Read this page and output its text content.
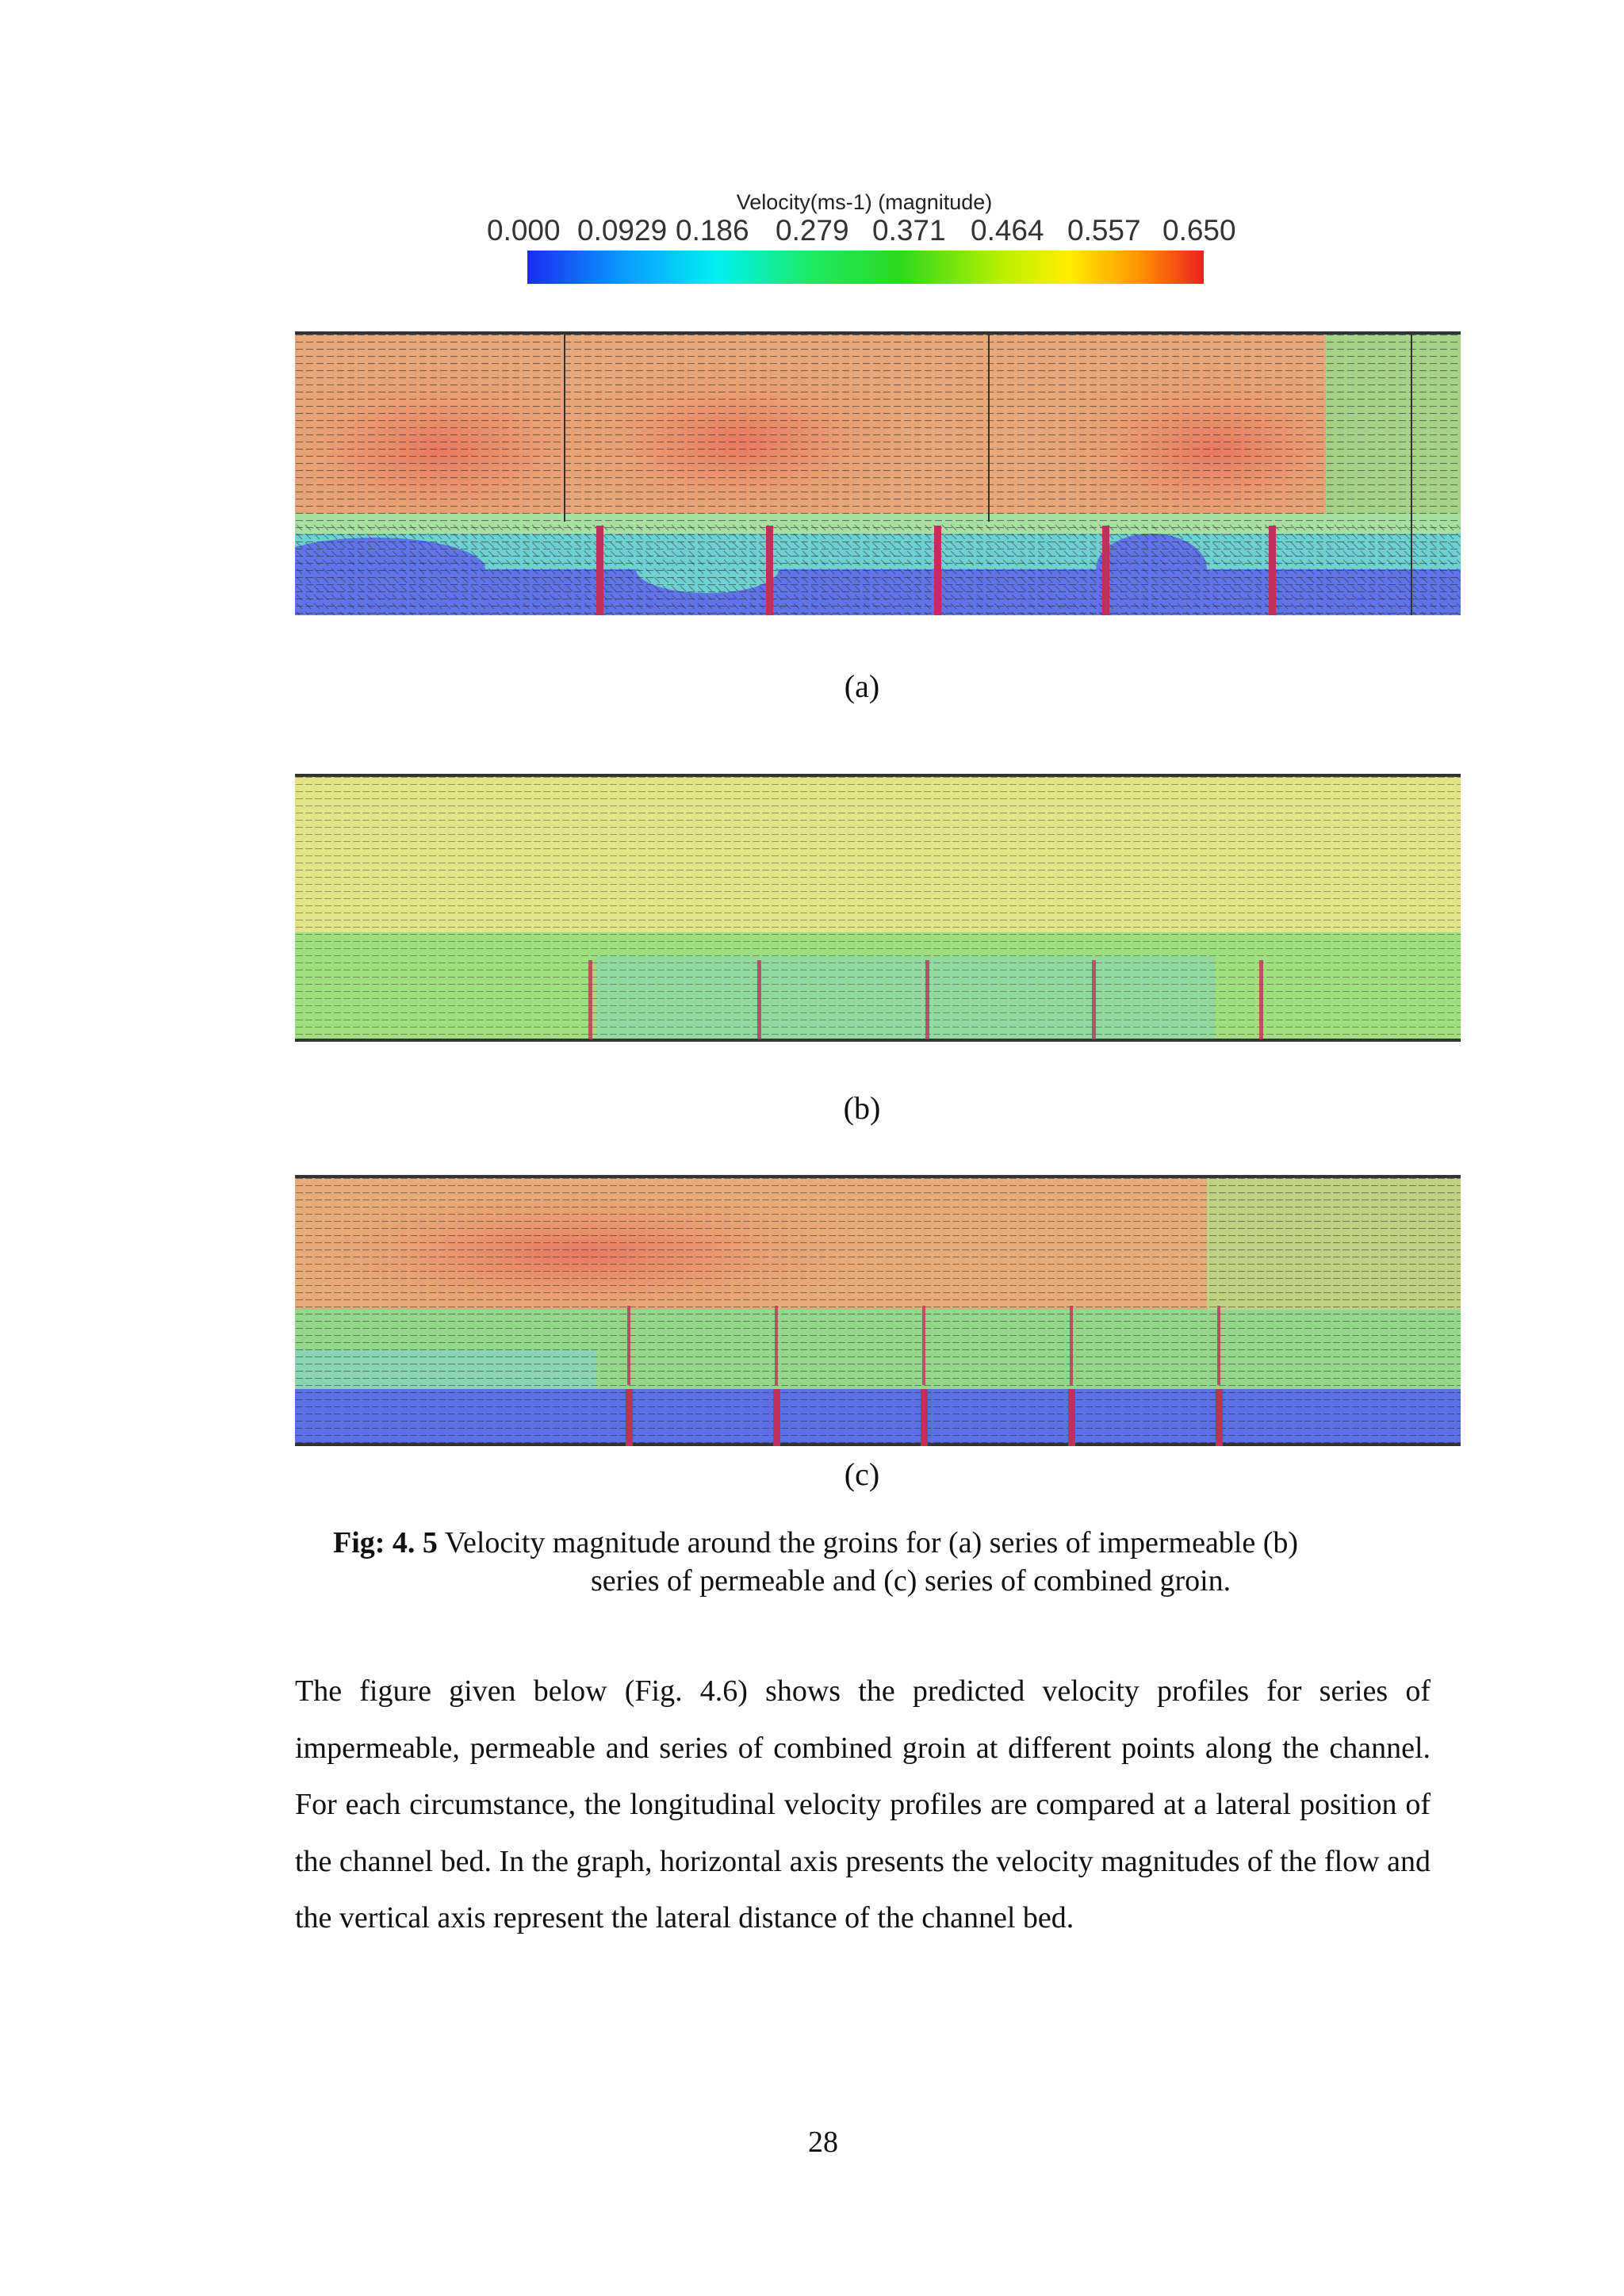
Velocity(ms-1) (magnitude)
0.000 0.0929 0.186 0.279 0.371 0.464 0.557 0.650
(a)
(b)
(c)
Fig: 4. 5 Velocity magnitude around the groins for (a) series of impermeable (b)
series of permeable and (c) series of combined groin.
The figure given below (Fig. 4.6) shows the predicted velocity profiles for series of impermeable, permeable and series of combined groin at different points along the channel. For each circumstance, the longitudinal velocity profiles are compared at a lateral position of the channel bed. In the graph, horizontal axis presents the velocity magnitudes of the flow and the vertical axis represent the lateral distance of the channel bed.
28
